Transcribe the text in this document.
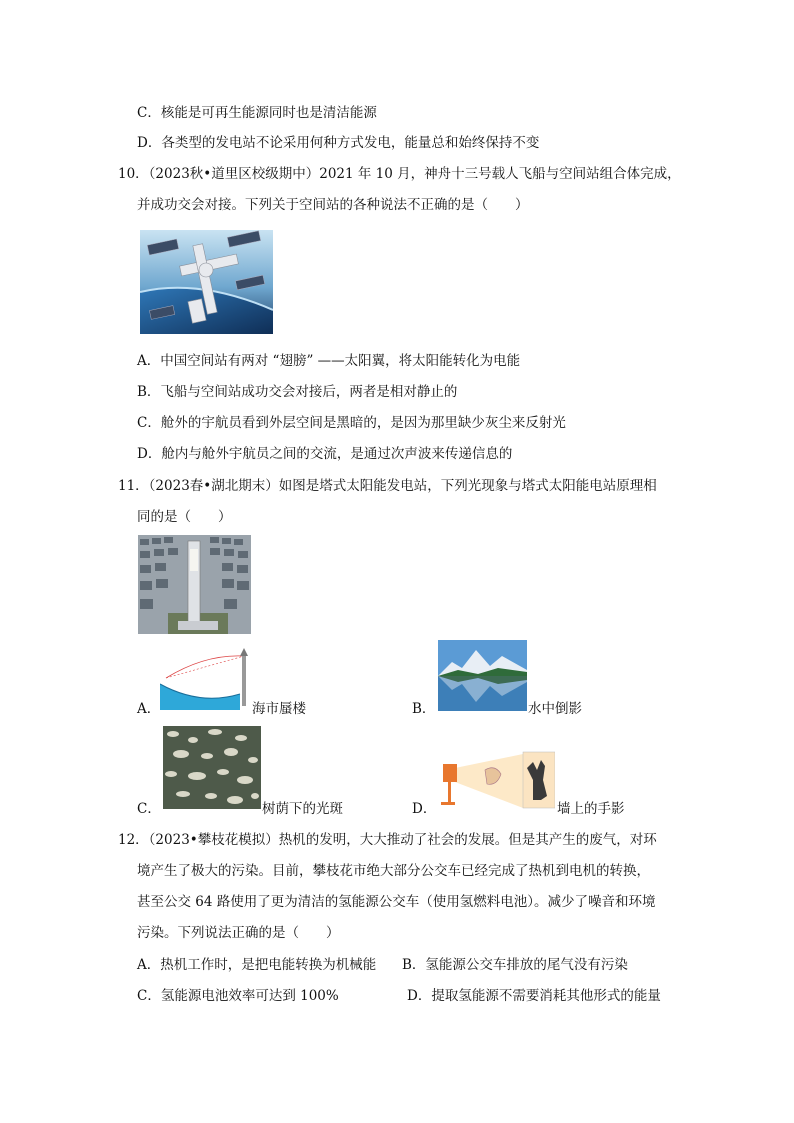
C．核能是可再生能源同时也是清洁能源
D．各类型的发电站不论采用何种方式发电，能量总和始终保持不变
10．（2023秋•道里区校级期中）2021 年 10 月，神舟十三号载人飞船与空间站组合体完成，
并成功交会对接。下列关于空间站的各种说法不正确的是（　　）
A．中国空间站有两对 “翅膀” ——太阳翼，将太阳能转化为电能
B．飞船与空间站成功交会对接后，两者是相对静止的
C．舱外的宇航员看到外层空间是黑暗的，是因为那里缺少灰尘来反射光
D．舱内与舱外宇航员之间的交流，是通过次声波来传递信息的
11．（2023春•湖北期末）如图是塔式太阳能发电站，下列光现象与塔式太阳能电站原理相
同的是（　　）
A．	海市蜃楼	B．	水中倒影
C．	树荫下的光斑	D．	墙上的手影
12．（2023•攀枝花模拟）热机的发明，大大推动了社会的发展。但是其产生的废气，对环
境产生了极大的污染。目前，攀枝花市绝大部分公交车已经完成了热机到电机的转换，
甚至公交 64 路使用了更为清洁的氢能源公交车（使用氢燃料电池）。减少了噪音和环境
污染。下列说法正确的是（　　）
A．热机工作时，是把电能转换为机械能 B．氢能源公交车排放的尾气没有污染
C．氢能源电池效率可达到 100%	D．提取氢能源不需要消耗其他形式的能量
